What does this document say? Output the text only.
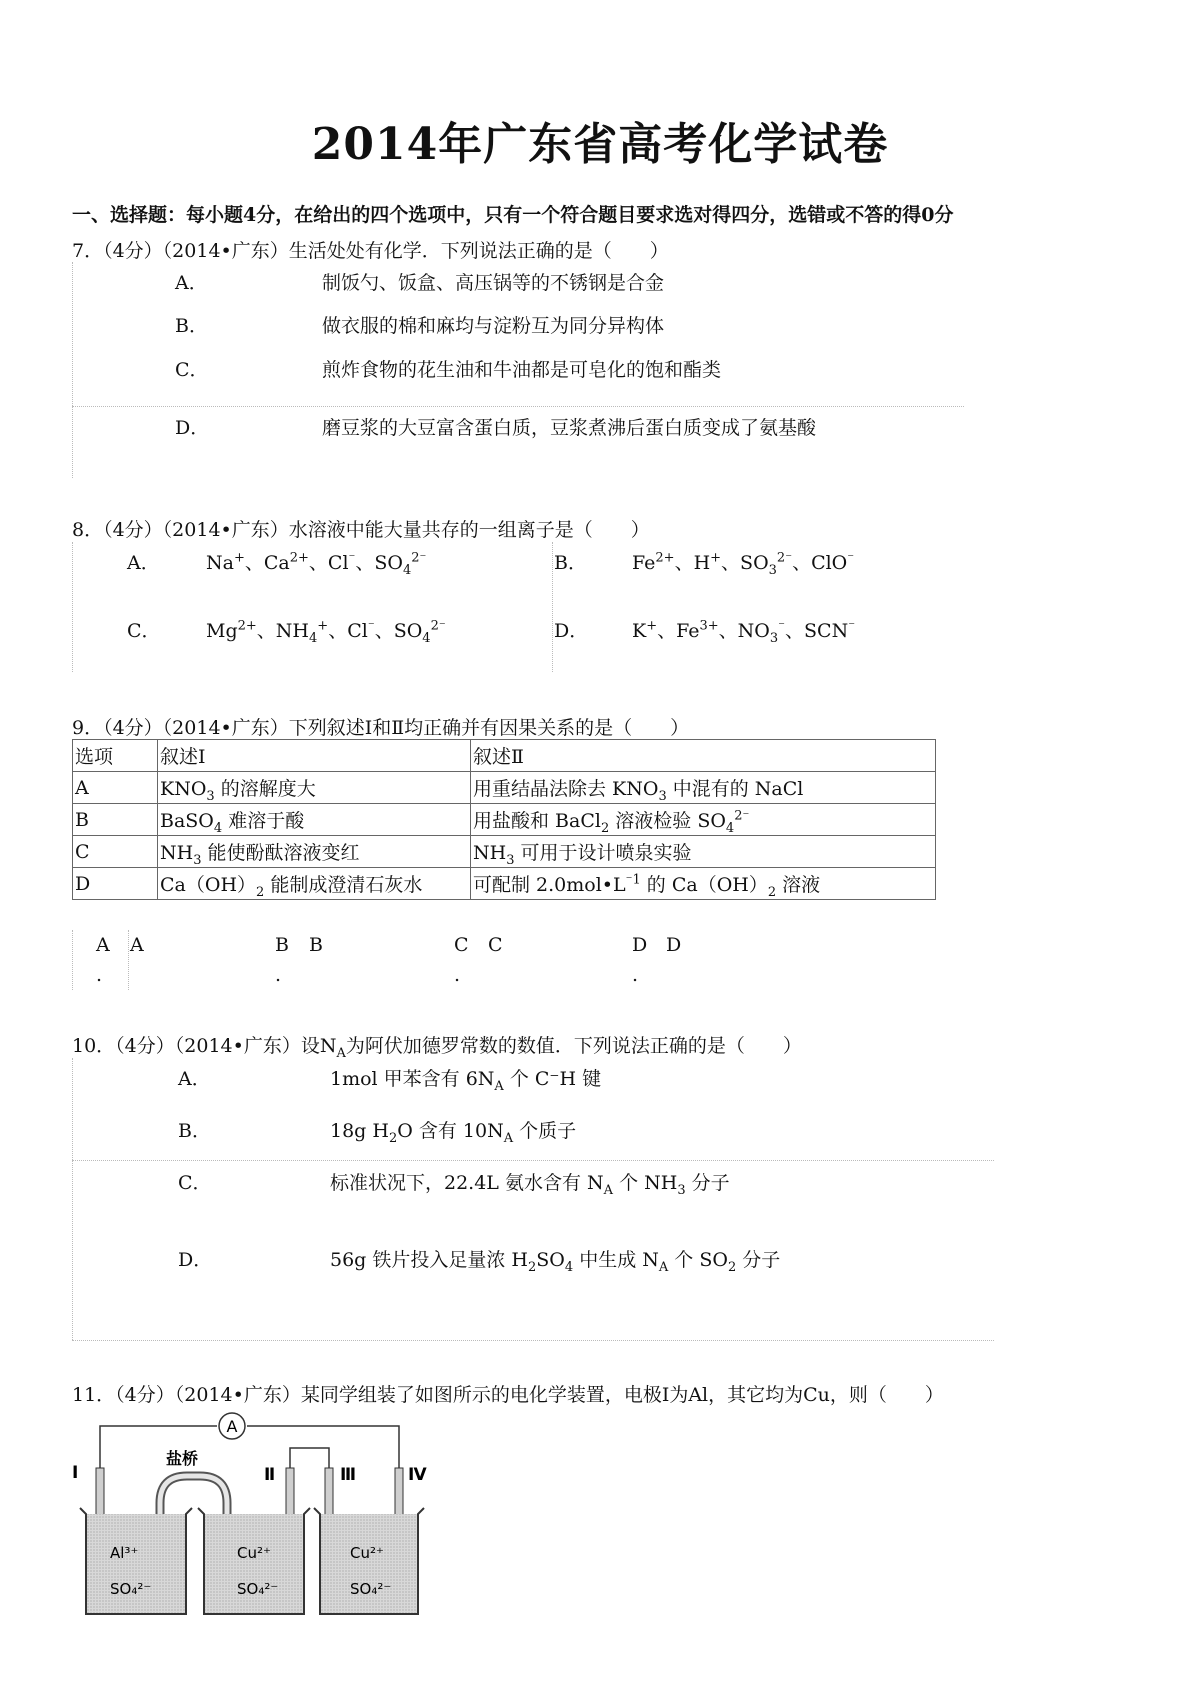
2014年广东省高考化学试卷
一、选择题：每小题4分，在给出的四个选项中，只有一个符合题目要求选对得四分，选错或不答的得0分
7．（4分）（2014•广东）生活处处有化学．下列说法正确的是（　　）
A．	制饭勺、饭盒、高压锅等的不锈钢是合金
B．	做衣服的棉和麻均与淀粉互为同分异构体
C．	煎炸食物的花生油和牛油都是可皂化的饱和酯类
D．	磨豆浆的大豆富含蛋白质，豆浆煮沸后蛋白质变成了氨基酸
8．（4分）（2014•广东）水溶液中能大量共存的一组离子是（　　）
A． Na+、$Ca^{2+}$、Cl⁻、$SO_4^{2^-}$	B． $Fe^{2+}$、H+、$SO_3^{2^-}$、ClO⁻
C． $Mg^{2+}$、$NH_4^+$、Cl⁻、$SO_4^{2^-}$	D． K+、$Fe^{3+}$、$NO_3^{^-}$、SCN⁻
9．（4分）（2014•广东）下列叙述Ⅰ和Ⅱ均正确并有因果关系的是（　　）
选项	叙述Ⅰ	叙述Ⅱ
A	$KNO_3$ 的溶解度大	用重结晶法除去 $KNO_3$ 中混有的 NaCl
B	BaSO$_4$ 难溶于酸	用盐酸和 BaCl$_2$ 溶液检验 $SO_4^{2^-}$
C	$NH_3$ 能使酚酞溶液变红	$NH_3$ 可用于设计喷泉实验
D	$Ca(OH)_2$ 能制成澄清石灰水	可配制 $2.0mol•L^{^-1}$ 的 $Ca(OH)_2$ 溶液
A
.
A	B
.
B	C
.
C	D
.
D
10．（4分）（2014•广东）设$N_A$为阿伏加德罗常数的数值．下列说法正确的是（　　）
A．	1mol 甲苯含有 $6N_A$ 个 C⁻H 键
B．	18g $H_2O$ 含有 $10N_A$ 个质子
C．	标准状况下，22.4L 氨水含有 $N_A$ 个 $NH_3$ 分子
D．	56g 铁片投入足量浓 $H_2SO_4$ 中生成 $N_A$ 个 $SO_2$ 分子
11．（4分）（2014•广东）某同学组装了如图所示的电化学装置，电极Ⅰ为Al，其它均为Cu，则（　　）
A
盐桥
Ⅰ	Ⅱ	Ⅲ	Ⅳ
Al³⁺
SO₄²⁻
Cu²⁺
SO₄²⁻
Cu²⁺
SO₄²⁻
